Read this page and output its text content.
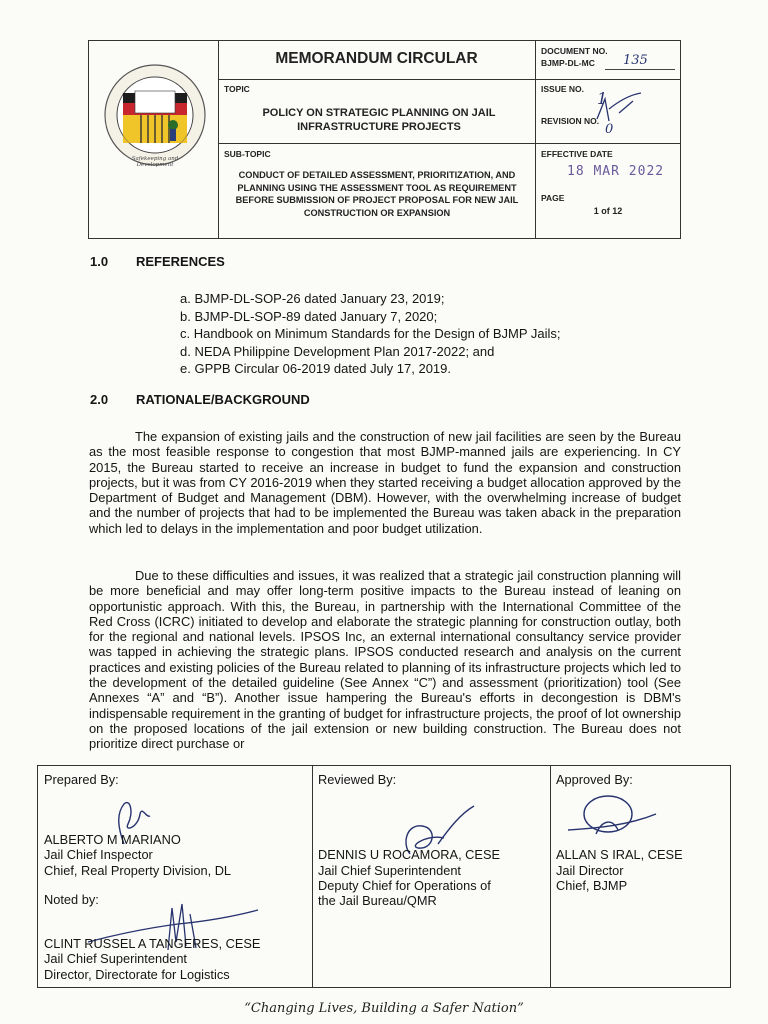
Safekeeping and Development
MEMORANDUM CIRCULAR	DOCUMENT NO.
BJMP-DL-MC 135
TOPIC
POLICY ON STRATEGIC PLANNING ON JAIL INFRASTRUCTURE PROJECTS
ISSUE NO. 1
REVISION NO.
0
SUB-TOPIC
CONDUCT OF DETAILED ASSESSMENT, PRIORITIZATION, AND PLANNING USING THE ASSESSMENT TOOL AS REQUIREMENT BEFORE SUBMISSION OF PROJECT PROPOSAL FOR NEW JAIL CONSTRUCTION OR EXPANSION
EFFECTIVE DATE
18 MAR 2022
PAGE
1 of 12
1.0 REFERENCES
a. BJMP-DL-SOP-26 dated January 23, 2019;
b. BJMP-DL-SOP-89 dated January 7, 2020;
c. Handbook on Minimum Standards for the Design of BJMP Jails;
d. NEDA Philippine Development Plan 2017-2022; and
e. GPPB Circular 06-2019 dated July 17, 2019.
2.0 RATIONALE/BACKGROUND
The expansion of existing jails and the construction of new jail facilities are seen by the Bureau as the most feasible response to congestion that most BJMP-manned jails are experiencing. In CY 2015, the Bureau started to receive an increase in budget to fund the expansion and construction projects, but it was from CY 2016-2019 when they started receiving a budget allocation approved by the Department of Budget and Management (DBM). However, with the overwhelming increase of budget and the number of projects that had to be implemented the Bureau was taken aback in the preparation which led to delays in the implementation and poor budget utilization.
Due to these difficulties and issues, it was realized that a strategic jail construction planning will be more beneficial and may offer long-term positive impacts to the Bureau instead of leaning on opportunistic approach. With this, the Bureau, in partnership with the International Committee of the Red Cross (ICRC) initiated to develop and elaborate the strategic planning for construction outlay, both for the regional and national levels. IPSOS Inc, an external international consultancy service provider was tapped in achieving the strategic plans. IPSOS conducted research and analysis on the current practices and existing policies of the Bureau related to planning of its infrastructure projects which led to the development of the detailed guideline (See Annex “C”) and assessment (prioritization) tool (See Annexes “A” and “B”). Another issue hampering the Bureau's efforts in decongestion is DBM's indispensable requirement in the granting of budget for infrastructure projects, the proof of lot ownership on the proposed locations of the jail extension or new building construction. The Bureau does not prioritize direct purchase or
Prepared By:
ALBERTO M MARIANO
Jail Chief Inspector
Chief, Real Property Division, DL
Noted by:
CLINT RUSSEL A TANGERES, CESE
Jail Chief Superintendent
Director, Directorate for Logistics
Reviewed By:
DENNIS U ROCAMORA, CESE
Jail Chief Superintendent
Deputy Chief for Operations of
the Jail Bureau/QMR
Approved By:
ALLAN S IRAL, CESE
Jail Director
Chief, BJMP
“Changing Lives, Building a Safer Nation”
